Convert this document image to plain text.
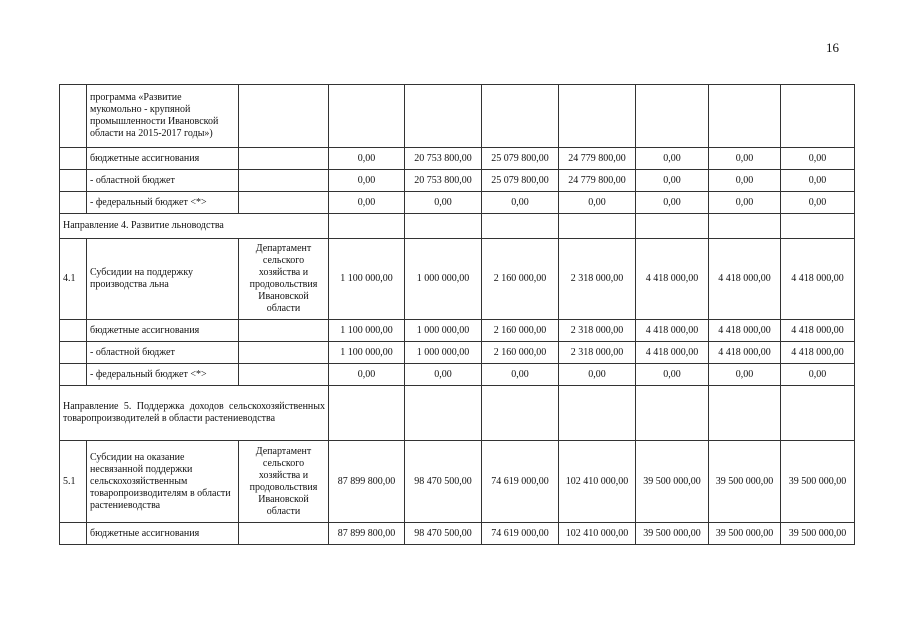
16
	программа «Развитие мукомольно - крупяной промышленности Ивановской области на 2015-2017 годы»)								
	бюджетные ассигнования		0,00	20 753 800,00	25 079 800,00	24 779 800,00	0,00	0,00	0,00
	- областной бюджет		0,00	20 753 800,00	25 079 800,00	24 779 800,00	0,00	0,00	0,00
	- федеральный бюджет <*>		0,00	0,00	0,00	0,00	0,00	0,00	0,00
Направление 4. Развитие льноводства									
4.1	Субсидии на поддержку производства льна	Департамент сельского хозяйства и продовольствия Ивановской области	1 100 000,00	1 000 000,00	2 160 000,00	2 318 000,00	4 418 000,00	4 418 000,00	4 418 000,00
	бюджетные ассигнования		1 100 000,00	1 000 000,00	2 160 000,00	2 318 000,00	4 418 000,00	4 418 000,00	4 418 000,00
	- областной бюджет		1 100 000,00	1 000 000,00	2 160 000,00	2 318 000,00	4 418 000,00	4 418 000,00	4 418 000,00
	- федеральный бюджет <*>		0,00	0,00	0,00	0,00	0,00	0,00	0,00
Направление 5. Поддержка доходов сельскохозяйственных товаропроизводителей в области растениеводства									
5.1	Субсидии на оказание несвязанной поддержки сельскохозяйственным товаропроизводителям в области растениеводства	Департамент сельского хозяйства и продовольствия Ивановской области	87 899 800,00	98 470 500,00	74 619 000,00	102 410 000,00	39 500 000,00	39 500 000,00	39 500 000,00
	бюджетные ассигнования		87 899 800,00	98 470 500,00	74 619 000,00	102 410 000,00	39 500 000,00	39 500 000,00	39 500 000,00
